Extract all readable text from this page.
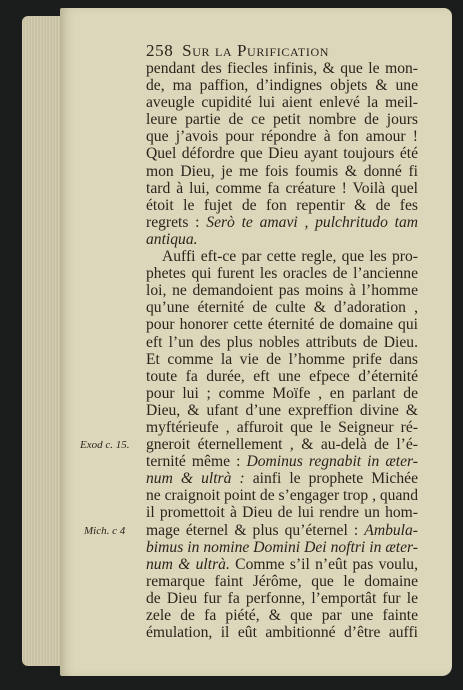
258 Sur la Purification
pendant des fiecles infinis, & que le mon-
de, ma paffion, d’indignes objets & une
aveugle cupidité lui aient enlevé la meil-
leure partie de ce petit nombre de jours
que j’avois pour répondre à fon amour !
Quel défordre que Dieu ayant toujours été
mon Dieu, je me fois foumis & donné fi
tard à lui, comme fa créature ! Voilà quel
étoit le fujet de fon repentir & de fes
regrets : Serò te amavi , pulchritudo tam
antiqua.
Auffi eft-ce par cette regle, que les pro-
phetes qui furent les oracles de l’ancienne
loi, ne demandoient pas moins à l’homme
qu’une éternité de culte & d’adoration ,
pour honorer cette éternité de domaine qui
eft l’un des plus nobles attributs de Dieu.
Et comme la vie de l’homme prife dans
toute fa durée, eft une efpece d’éternité
pour lui ; comme Moïfe , en parlant de
Dieu, & ufant d’une expreffion divine &
myftérieufe , affuroit que le Seigneur ré-
gneroit éternellement , & au-delà de l’é-
ternité même : Dominus regnabit in æter-
num & ultrà : ainfi le prophete Michée
ne craignoit point de s’engager trop , quand
il promettoit à Dieu de lui rendre un hom-
mage éternel & plus qu’éternel : Ambula-
bimus in nomine Domini Dei noftri in æter-
num & ultrà. Comme s’il n’eût pas voulu,
remarque faint Jérôme, que le domaine
de Dieu fur fa perfonne, l’emportât fur le
zele de fa piété, & que par une fainte
émulation, il eût ambitionné d’être auffi
Exod c. 15.
Mich. c 4
